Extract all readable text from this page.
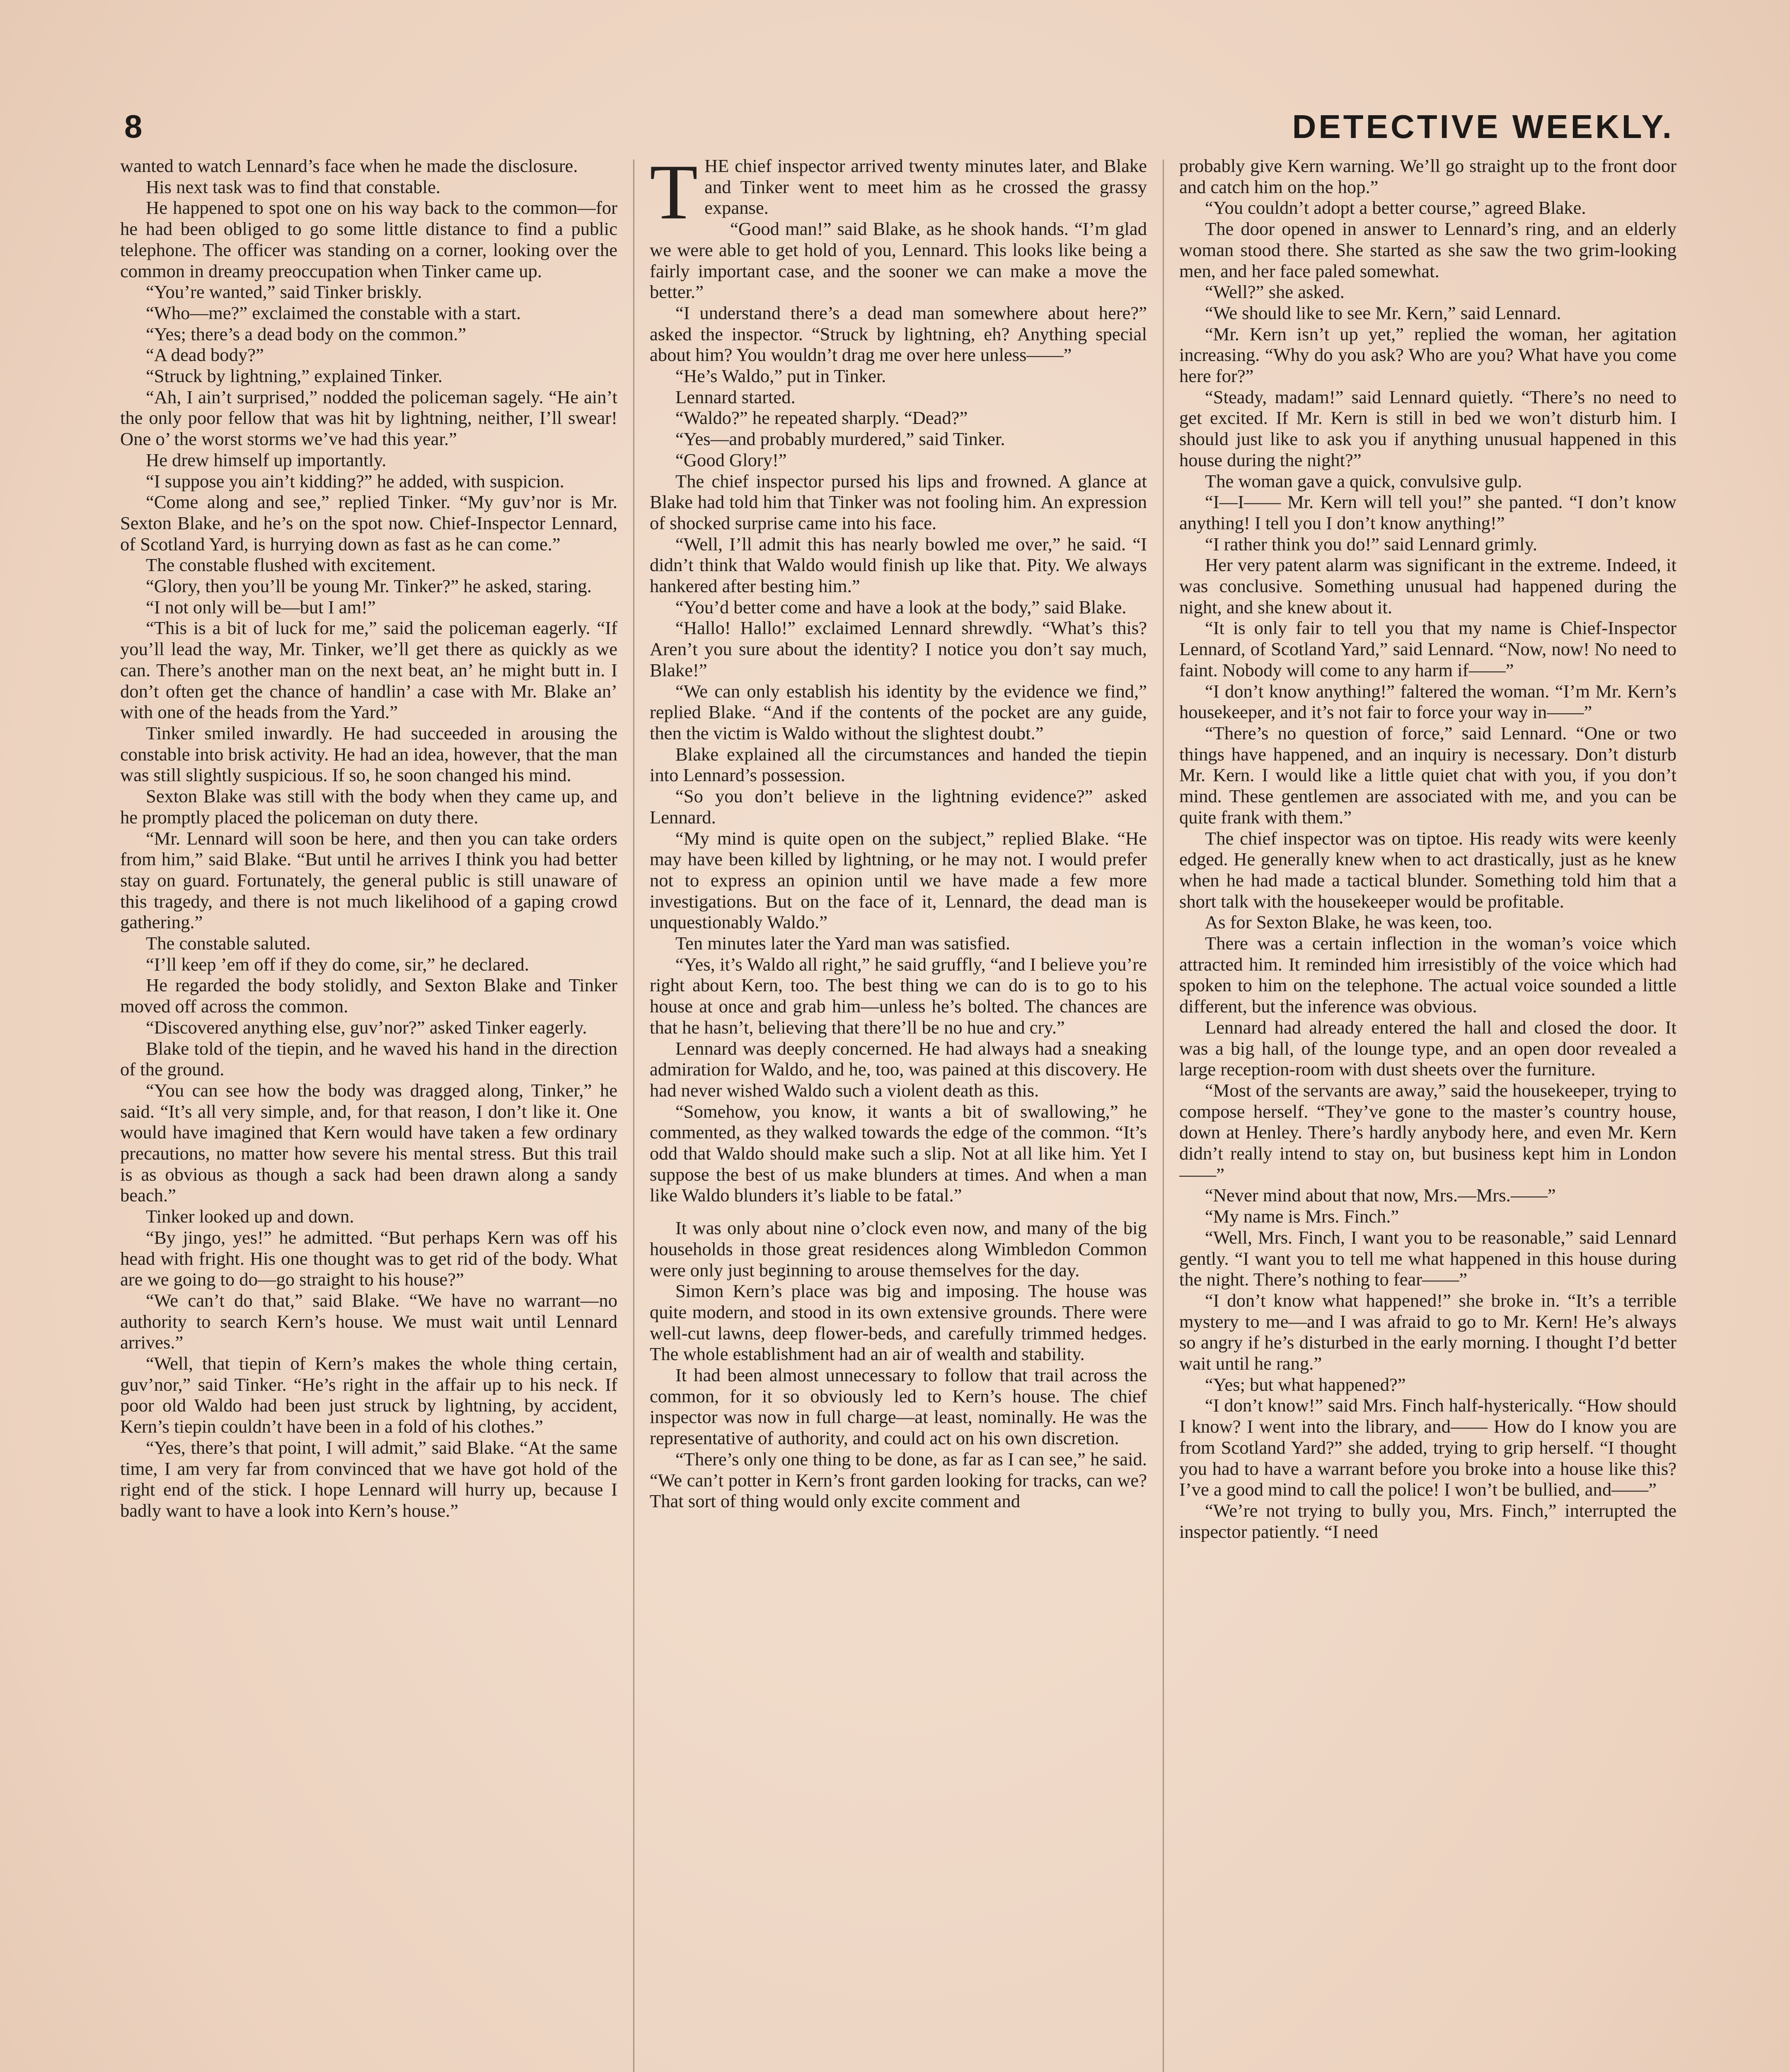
8	DETECTIVE WEEKLY.

wanted to watch Lennard’s face when he made the disclosure.

His next task was to find that constable.

He happened to spot one on his way back to the common—for he had been obliged to go some little distance to find a public telephone. The officer was standing on a corner, looking over the common in dreamy preoccupation when Tinker came up.

“You’re wanted,” said Tinker briskly.

“Who—me?” exclaimed the constable with a start.

“Yes; there’s a dead body on the common.”

“A dead body?”

“Struck by lightning,” explained Tinker.

“Ah, I ain’t surprised,” nodded the policeman sagely. “He ain’t the only poor fellow that was hit by lightning, neither, I’ll swear! One o’ the worst storms we’ve had this year.”

He drew himself up importantly.

“I suppose you ain’t kidding?” he added, with suspicion.

“Come along and see,” replied Tinker. “My guv’nor is Mr. Sexton Blake, and he’s on the spot now. Chief-Inspector Lennard, of Scotland Yard, is hurrying down as fast as he can come.”

The constable flushed with excitement.

“Glory, then you’ll be young Mr. Tinker?” he asked, staring.

“I not only will be—but I am!”

“This is a bit of luck for me,” said the policeman eagerly. “If you’ll lead the way, Mr. Tinker, we’ll get there as quickly as we can. There’s another man on the next beat, an’ he might butt in. I don’t often get the chance of handlin’ a case with Mr. Blake an’ with one of the heads from the Yard.”

Tinker smiled inwardly. He had succeeded in arousing the constable into brisk activity. He had an idea, however, that the man was still slightly suspicious. If so, he soon changed his mind.

Sexton Blake was still with the body when they came up, and he promptly placed the policeman on duty there.

“Mr. Lennard will soon be here, and then you can take orders from him,” said Blake. “But until he arrives I think you had better stay on guard. Fortunately, the general public is still unaware of this tragedy, and there is not much likelihood of a gaping crowd gathering.”

The constable saluted.

“I’ll keep ’em off if they do come, sir,” he declared.

He regarded the body stolidly, and Sexton Blake and Tinker moved off across the common.

“Discovered anything else, guv’nor?” asked Tinker eagerly.

Blake told of the tiepin, and he waved his hand in the direction of the ground.

“You can see how the body was dragged along, Tinker,” he said. “It’s all very simple, and, for that reason, I don’t like it. One would have imagined that Kern would have taken a few ordinary precautions, no matter how severe his mental stress. But this trail is as obvious as though a sack had been drawn along a sandy beach.”

Tinker looked up and down.

“By jingo, yes!” he admitted. “But perhaps Kern was off his head with fright. His one thought was to get rid of the body. What are we going to do—go straight to his house?”

“We can’t do that,” said Blake. “We have no warrant—no authority to search Kern’s house. We must wait until Lennard arrives.”

“Well, that tiepin of Kern’s makes the whole thing certain, guv’nor,” said Tinker. “He’s right in the affair up to his neck. If poor old Waldo had been just struck by lightning, by accident, Kern’s tiepin couldn’t have been in a fold of his clothes.”

“Yes, there’s that point, I will admit,” said Blake. “At the same time, I am very far from convinced that we have got hold of the right end of the stick. I hope Lennard will hurry up, because I badly want to have a look into Kern’s house.”

THE chief inspector arrived twenty minutes later, and Blake and Tinker went to meet him as he crossed the grassy expanse.

“Good man!” said Blake, as he shook hands. “I’m glad we were able to get hold of you, Lennard. This looks like being a fairly important case, and the sooner we can make a move the better.”

“I understand there’s a dead man somewhere about here?” asked the inspector. “Struck by lightning, eh? Anything special about him? You wouldn’t drag me over here unless——”

“He’s Waldo,” put in Tinker.

Lennard started.

“Waldo?” he repeated sharply. “Dead?”

“Yes—and probably murdered,” said Tinker.

“Good Glory!”

The chief inspector pursed his lips and frowned. A glance at Blake had told him that Tinker was not fooling him. An expression of shocked surprise came into his face.

“Well, I’ll admit this has nearly bowled me over,” he said. “I didn’t think that Waldo would finish up like that. Pity. We always hankered after besting him.”

“You’d better come and have a look at the body,” said Blake.

“Hallo! Hallo!” exclaimed Lennard shrewdly. “What’s this? Aren’t you sure about the identity? I notice you don’t say much, Blake!”

“We can only establish his identity by the evidence we find,” replied Blake. “And if the contents of the pocket are any guide, then the victim is Waldo without the slightest doubt.”

Blake explained all the circumstances and handed the tiepin into Lennard’s possession.

“So you don’t believe in the lightning evidence?” asked Lennard.

“My mind is quite open on the subject,” replied Blake. “He may have been killed by lightning, or he may not. I would prefer not to express an opinion until we have made a few more investigations. But on the face of it, Lennard, the dead man is unquestionably Waldo.”

Ten minutes later the Yard man was satisfied.

“Yes, it’s Waldo all right,” he said gruffly, “and I believe you’re right about Kern, too. The best thing we can do is to go to his house at once and grab him—unless he’s bolted. The chances are that he hasn’t, believing that there’ll be no hue and cry.”

Lennard was deeply concerned. He had always had a sneaking admiration for Waldo, and he, too, was pained at this discovery. He had never wished Waldo such a violent death as this.

“Somehow, you know, it wants a bit of swallowing,” he commented, as they walked towards the edge of the common. “It’s odd that Waldo should make such a slip. Not at all like him. Yet I suppose the best of us make blunders at times. And when a man like Waldo blunders it’s liable to be fatal.”

It was only about nine o’clock even now, and many of the big households in those great residences along Wimbledon Common were only just beginning to arouse themselves for the day.

Simon Kern’s place was big and imposing. The house was quite modern, and stood in its own extensive grounds. There were well-cut lawns, deep flower-beds, and carefully trimmed hedges. The whole establishment had an air of wealth and stability.

It had been almost unnecessary to follow that trail across the common, for it so obviously led to Kern’s house. The chief inspector was now in full charge—at least, nominally. He was the representative of authority, and could act on his own discretion.

“There’s only one thing to be done, as far as I can see,” he said. “We can’t potter in Kern’s front garden looking for tracks, can we? That sort of thing would only excite comment and

probably give Kern warning. We’ll go straight up to the front door and catch him on the hop.”

“You couldn’t adopt a better course,” agreed Blake.

The door opened in answer to Lennard’s ring, and an elderly woman stood there. She started as she saw the two grim-looking men, and her face paled somewhat.

“Well?” she asked.

“We should like to see Mr. Kern,” said Lennard.

“Mr. Kern isn’t up yet,” replied the woman, her agitation increasing. “Why do you ask? Who are you? What have you come here for?”

“Steady, madam!” said Lennard quietly. “There’s no need to get excited. If Mr. Kern is still in bed we won’t disturb him. I should just like to ask you if anything unusual happened in this house during the night?”

The woman gave a quick, convulsive gulp.

“I—I—— Mr. Kern will tell you!” she panted. “I don’t know anything! I tell you I don’t know anything!”

“I rather think you do!” said Lennard grimly.

Her very patent alarm was significant in the extreme. Indeed, it was conclusive. Something unusual had happened during the night, and she knew about it.

“It is only fair to tell you that my name is Chief-Inspector Lennard, of Scotland Yard,” said Lennard. “Now, now! No need to faint. Nobody will come to any harm if——”

“I don’t know anything!” faltered the woman. “I’m Mr. Kern’s housekeeper, and it’s not fair to force your way in——”

“There’s no question of force,” said Lennard. “One or two things have happened, and an inquiry is necessary. Don’t disturb Mr. Kern. I would like a little quiet chat with you, if you don’t mind. These gentlemen are associated with me, and you can be quite frank with them.”

The chief inspector was on tiptoe. His ready wits were keenly edged. He generally knew when to act drastically, just as he knew when he had made a tactical blunder. Something told him that a short talk with the housekeeper would be profitable.

As for Sexton Blake, he was keen, too.

There was a certain inflection in the woman’s voice which attracted him. It reminded him irresistibly of the voice which had spoken to him on the telephone. The actual voice sounded a little different, but the inference was obvious.

Lennard had already entered the hall and closed the door. It was a big hall, of the lounge type, and an open door revealed a large reception-room with dust sheets over the furniture.

“Most of the servants are away,” said the housekeeper, trying to compose herself. “They’ve gone to the master’s country house, down at Henley. There’s hardly anybody here, and even Mr. Kern didn’t really intend to stay on, but business kept him in London——”

“Never mind about that now, Mrs.—Mrs.——”

“My name is Mrs. Finch.”

“Well, Mrs. Finch, I want you to be reasonable,” said Lennard gently. “I want you to tell me what happened in this house during the night. There’s nothing to fear——”

“I don’t know what happened!” she broke in. “It’s a terrible mystery to me—and I was afraid to go to Mr. Kern! He’s always so angry if he’s disturbed in the early morning. I thought I’d better wait until he rang.”

“Yes; but what happened?”

“I don’t know!” said Mrs. Finch half-hysterically. “How should I know? I went into the library, and—— How do I know you are from Scotland Yard?” she added, trying to grip herself. “I thought you had to have a warrant before you broke into a house like this? I’ve a good mind to call the police! I won’t be bullied, and——”

“We’re not trying to bully you, Mrs. Finch,” interrupted the inspector patiently. “I need
